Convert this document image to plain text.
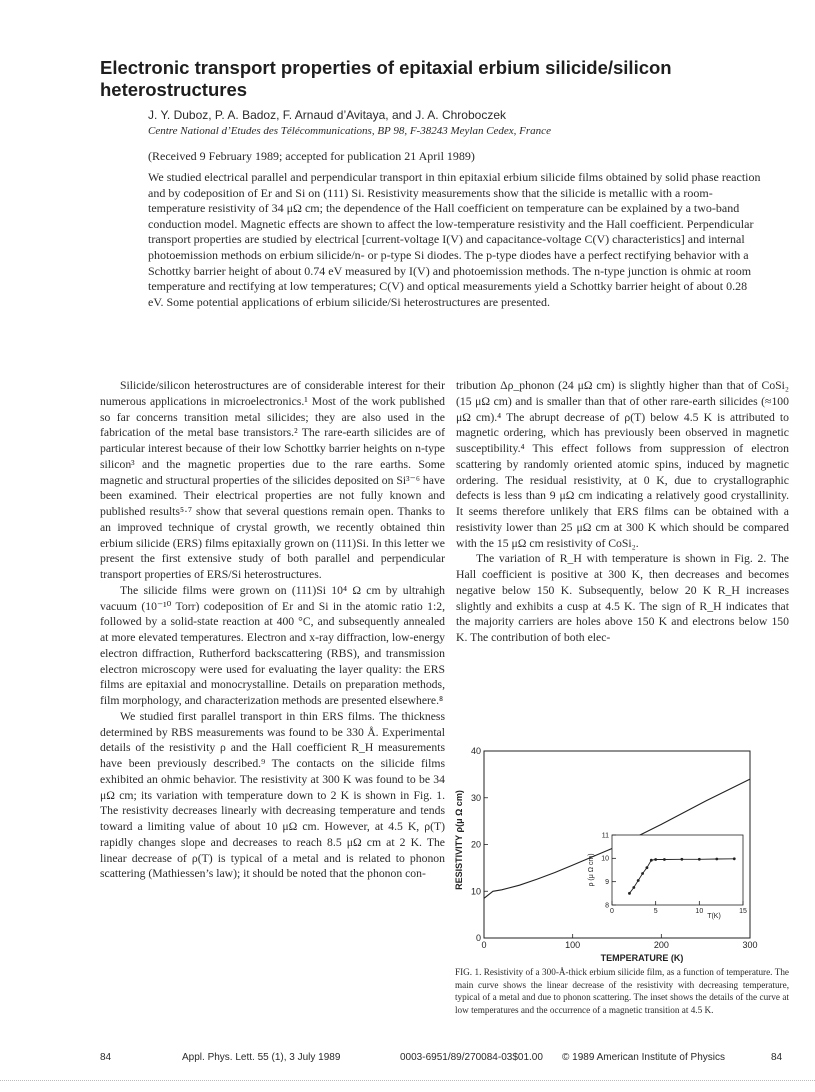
Electronic transport properties of epitaxial erbium silicide/silicon heterostructures

J. Y. Duboz, P. A. Badoz, F. Arnaud d’Avitaya, and J. A. Chroboczek

Centre National d’Etudes des Télécommunications, BP 98, F-38243 Meylan Cedex, France

(Received 9 February 1989; accepted for publication 21 April 1989)

We studied electrical parallel and perpendicular transport in thin epitaxial erbium silicide films obtained by solid phase reaction and by codeposition of Er and Si on (111) Si. Resistivity measurements show that the silicide is metallic with a room-temperature resistivity of 34 μΩ cm; the dependence of the Hall coefficient on temperature can be explained by a two-band conduction model. Magnetic effects are shown to affect the low-temperature resistivity and the Hall coefficient. Perpendicular transport properties are studied by electrical [current-voltage I(V) and capacitance-voltage C(V) characteristics] and internal photoemission methods on erbium silicide/n- or p-type Si diodes. The p-type diodes have a perfect rectifying behavior with a Schottky barrier height of about 0.74 eV measured by I(V) and photoemission methods. The n-type junction is ohmic at room temperature and rectifying at low temperatures; C(V) and optical measurements yield a Schottky barrier height of about 0.28 eV. Some potential applications of erbium silicide/Si heterostructures are presented.

Silicide/silicon heterostructures are of considerable interest for their numerous applications in microelectronics.¹ Most of the work published so far concerns transition metal silicides; they are also used in the fabrication of the metal base transistors.² The rare-earth silicides are of particular interest because of their low Schottky barrier heights on n-type silicon³ and the magnetic properties due to the rare earths. Some magnetic and structural properties of the silicides deposited on Si³⁻⁶ have been examined. Their electrical properties are not fully known and published results⁵·⁷ show that several questions remain open. Thanks to an improved technique of crystal growth, we recently obtained thin erbium silicide (ERS) films epitaxially grown on (111)Si. In this letter we present the first extensive study of both parallel and perpendicular transport properties of ERS/Si heterostructures.

The silicide films were grown on (111)Si 10⁴ Ω cm by ultrahigh vacuum (10⁻¹⁰ Torr) codeposition of Er and Si in the atomic ratio 1:2, followed by a solid-state reaction at 400 °C, and subsequently annealed at more elevated temperatures. Electron and x-ray diffraction, low-energy electron diffraction, Rutherford backscattering (RBS), and transmission electron microscopy were used for evaluating the layer quality: the ERS films are epitaxial and monocrystalline. Details on preparation methods, film morphology, and characterization methods are presented elsewhere.⁸

We studied first parallel transport in thin ERS films. The thickness determined by RBS measurements was found to be 330 Å. Experimental details of the resistivity ρ and the Hall coefficient R_H measurements have been previously described.⁹ The contacts on the silicide films exhibited an ohmic behavior. The resistivity at 300 K was found to be 34 μΩ cm; its variation with temperature down to 2 K is shown in Fig. 1. The resistivity decreases linearly with decreasing temperature and tends toward a limiting value of about 10 μΩ cm. However, at 4.5 K, ρ(T) rapidly changes slope and decreases to reach 8.5 μΩ cm at 2 K. The linear decrease of ρ(T) is typical of a metal and is related to phonon scattering (Mathiessen’s law); it should be noted that the phonon con-

tribution Δρ_phonon (24 μΩ cm) is slightly higher than that of CoSi₂ (15 μΩ cm) and is smaller than that of other rare-earth silicides (≈100 μΩ cm).⁴ The abrupt decrease of ρ(T) below 4.5 K is attributed to magnetic ordering, which has previously been observed in magnetic susceptibility.⁴ This effect follows from suppression of electron scattering by randomly oriented atomic spins, induced by magnetic ordering. The residual resistivity, at 0 K, due to crystallographic defects is less than 9 μΩ cm indicating a relatively good crystallinity. It seems therefore unlikely that ERS films can be obtained with a resistivity lower than 25 μΩ cm at 300 K which should be compared with the 15 μΩ cm resistivity of CoSi₂.

The variation of R_H with temperature is shown in Fig. 2. The Hall coefficient is positive at 300 K, then decreases and becomes negative below 150 K. Subsequently, below 20 K R_H increases slightly and exhibits a cusp at 4.5 K. The sign of R_H indicates that the majority carriers are holes above 150 K and electrons below 150 K. The contribution of both elec-

0	100	200	300
0
10
20
30
40
TEMPERATURE (K)
RESISTIVITY ρ(μ Ω cm)
0	5	10	15
8
9
10
11
T(K)
ρ (μ Ω cm)

FIG. 1. Resistivity of a 300-Å-thick erbium silicide film, as a function of temperature. The main curve shows the linear decrease of the resistivity with decreasing temperature, typical of a metal and due to phonon scattering. The inset shows the details of the curve at low temperatures and the occurrence of a magnetic transition at 4.5 K.

84	Appl. Phys. Lett. 55 (1), 3 July 1989	0003-6951/89/270084-03$01.00 © 1989 American Institute of Physics	84
